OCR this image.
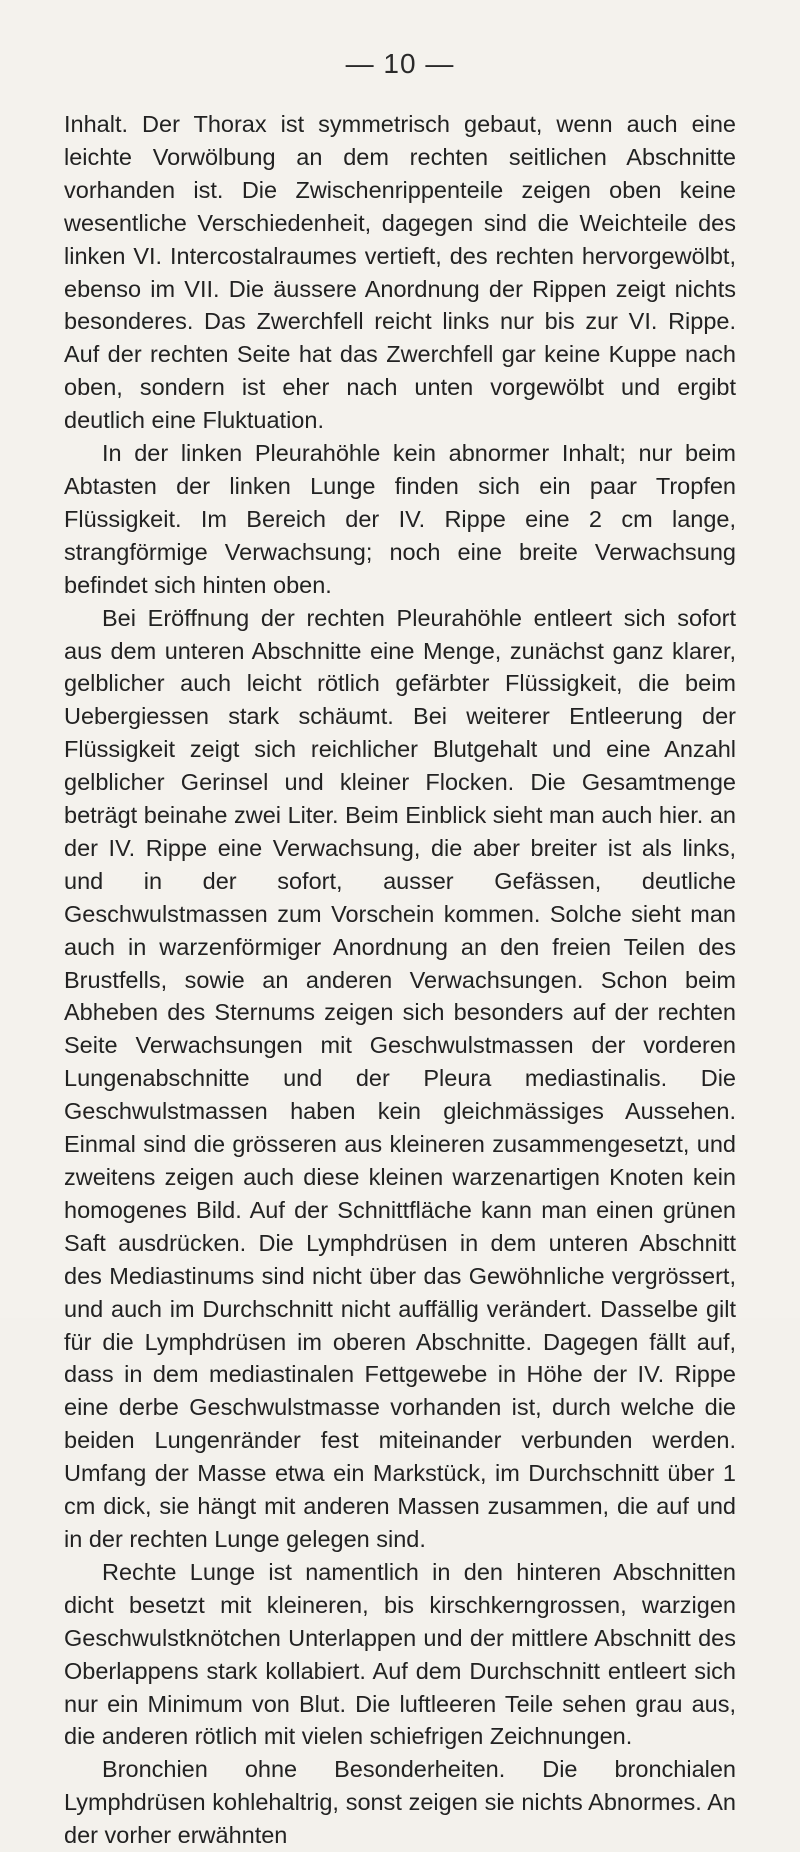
— 10 —

Inhalt. Der Thorax ist symmetrisch gebaut, wenn auch eine leichte Vorwölbung an dem rechten seitlichen Abschnitte vorhanden ist. Die Zwischenrippenteile zeigen oben keine wesentliche Verschiedenheit, dagegen sind die Weichteile des linken VI. Intercostalraumes vertieft, des rechten hervorgewölbt, ebenso im VII. Die äussere Anordnung der Rippen zeigt nichts besonderes. Das Zwerchfell reicht links nur bis zur VI. Rippe. Auf der rechten Seite hat das Zwerchfell gar keine Kuppe nach oben, sondern ist eher nach unten vorgewölbt und ergibt deutlich eine Fluktuation.

In der linken Pleurahöhle kein abnormer Inhalt; nur beim Abtasten der linken Lunge finden sich ein paar Tropfen Flüssigkeit. Im Bereich der IV. Rippe eine 2 cm lange, strangförmige Verwachsung; noch eine breite Verwachsung befindet sich hinten oben.

Bei Eröffnung der rechten Pleurahöhle entleert sich sofort aus dem unteren Abschnitte eine Menge, zunächst ganz klarer, gelblicher auch leicht rötlich gefärbter Flüssigkeit, die beim Uebergiessen stark schäumt. Bei weiterer Entleerung der Flüssigkeit zeigt sich reichlicher Blutgehalt und eine Anzahl gelblicher Gerinsel und kleiner Flocken. Die Gesamtmenge beträgt beinahe zwei Liter. Beim Einblick sieht man auch hier. an der IV. Rippe eine Verwachsung, die aber breiter ist als links, und in der sofort, ausser Gefässen, deutliche Geschwulstmassen zum Vorschein kommen. Solche sieht man auch in warzenförmiger Anordnung an den freien Teilen des Brustfells, sowie an anderen Verwachsungen. Schon beim Abheben des Sternums zeigen sich besonders auf der rechten Seite Verwachsungen mit Geschwulstmassen der vorderen Lungenabschnitte und der Pleura mediastinalis. Die Geschwulstmassen haben kein gleichmässiges Aussehen. Einmal sind die grösseren aus kleineren zusammengesetzt, und zweitens zeigen auch diese kleinen warzenartigen Knoten kein homogenes Bild. Auf der Schnittfläche kann man einen grünen Saft ausdrücken. Die Lymphdrüsen in dem unteren Abschnitt des Mediastinums sind nicht über das Gewöhnliche vergrössert, und auch im Durchschnitt nicht auffällig verändert. Dasselbe gilt für die Lymphdrüsen im oberen Abschnitte. Dagegen fällt auf, dass in dem mediastinalen Fettgewebe in Höhe der IV. Rippe eine derbe Geschwulstmasse vorhanden ist, durch welche die beiden Lungenränder fest miteinander verbunden werden. Umfang der Masse etwa ein Markstück, im Durchschnitt über 1 cm dick, sie hängt mit anderen Massen zusammen, die auf und in der rechten Lunge gelegen sind.

Rechte Lunge ist namentlich in den hinteren Abschnitten dicht besetzt mit kleineren, bis kirschkerngrossen, warzigen Geschwulstknötchen Unterlappen und der mittlere Abschnitt des Oberlappens stark kollabiert. Auf dem Durchschnitt entleert sich nur ein Minimum von Blut. Die luftleeren Teile sehen grau aus, die anderen rötlich mit vielen schiefrigen Zeichnungen.

Bronchien ohne Besonderheiten. Die bronchialen Lymphdrüsen kohlehaltrig, sonst zeigen sie nichts Abnormes. An der vorher erwähnten
